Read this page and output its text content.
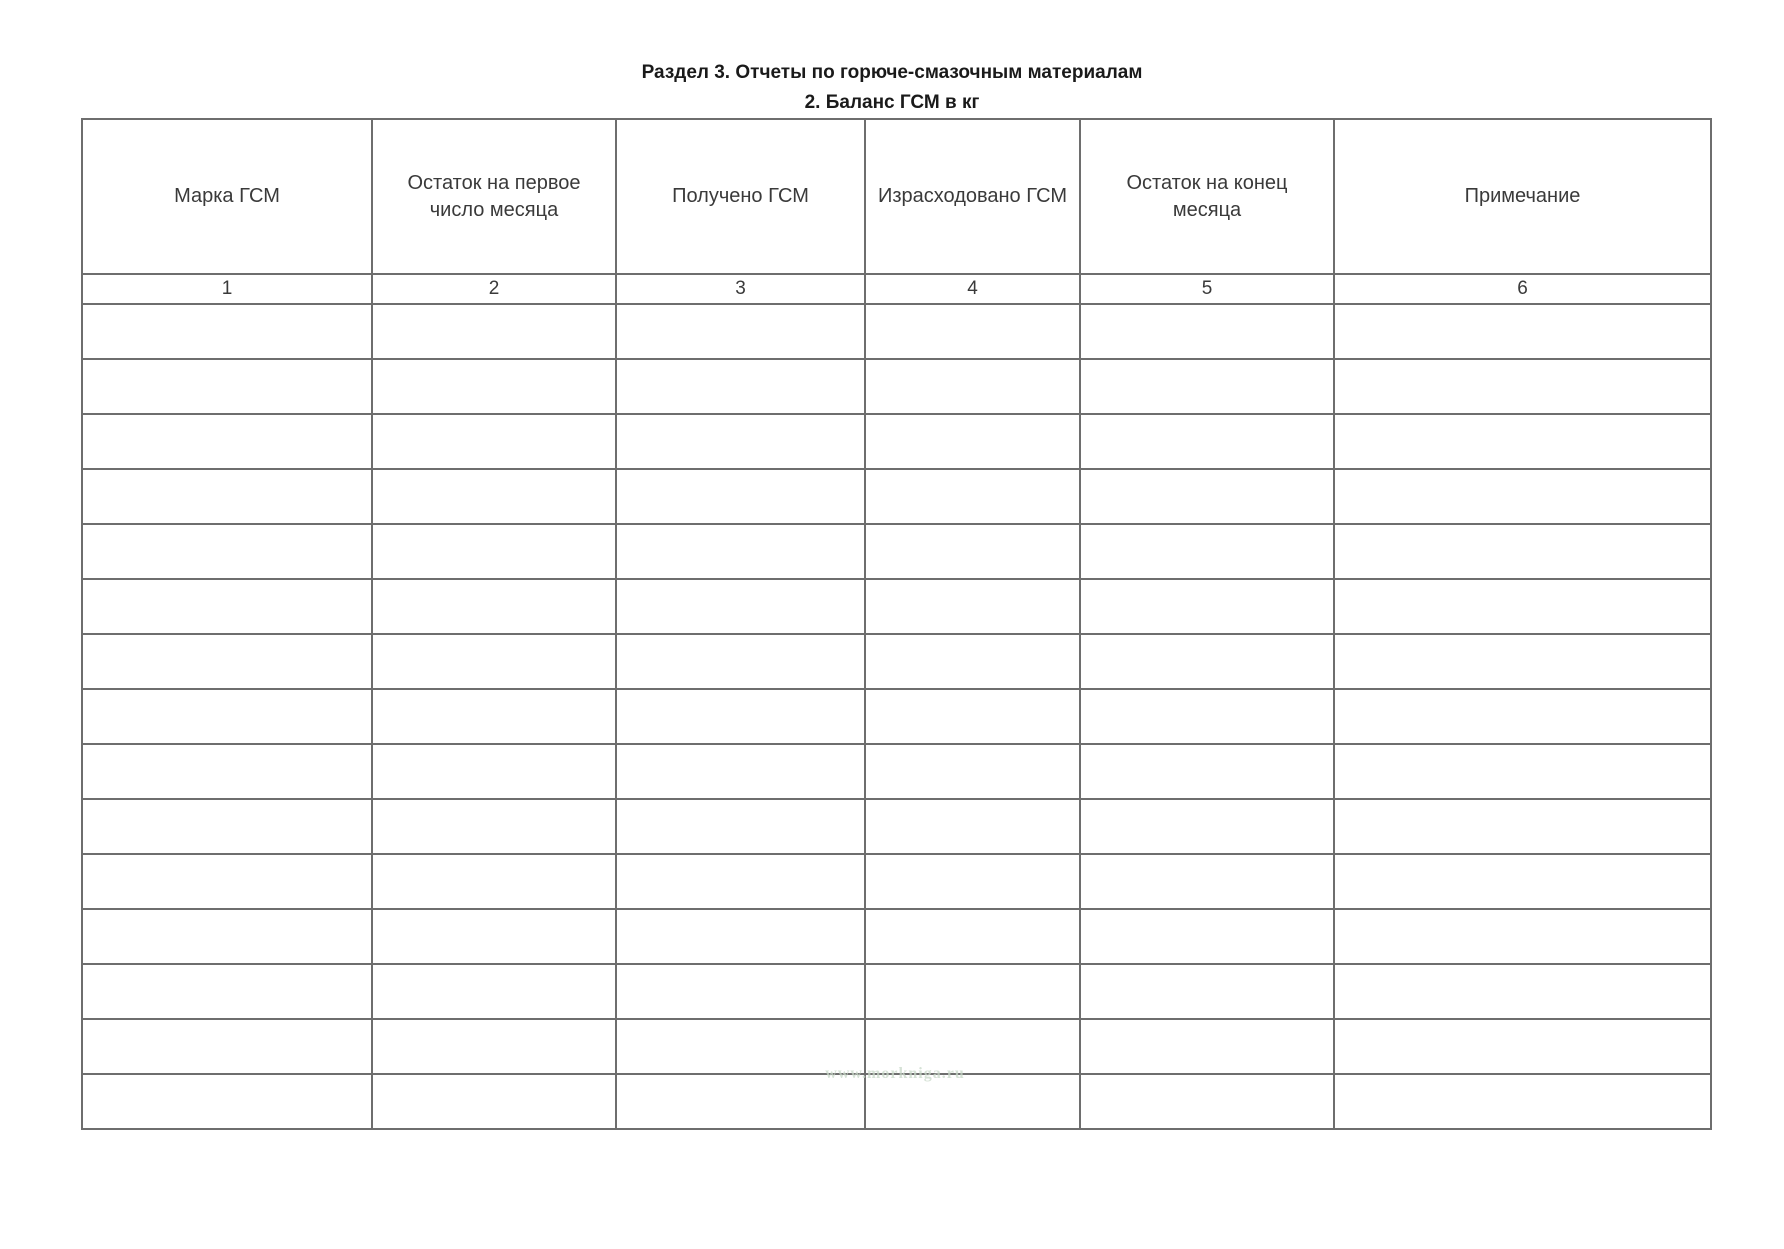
Раздел 3. Отчеты по горюче-смазочным материалам
2. Баланс ГСМ в кг
Марка ГСМ	Остаток на первое число месяца	Получено ГСМ	Израсходовано ГСМ	Остаток на конец месяца	Примечание
1	2	3	4	5	6

www.morkniga.ru
